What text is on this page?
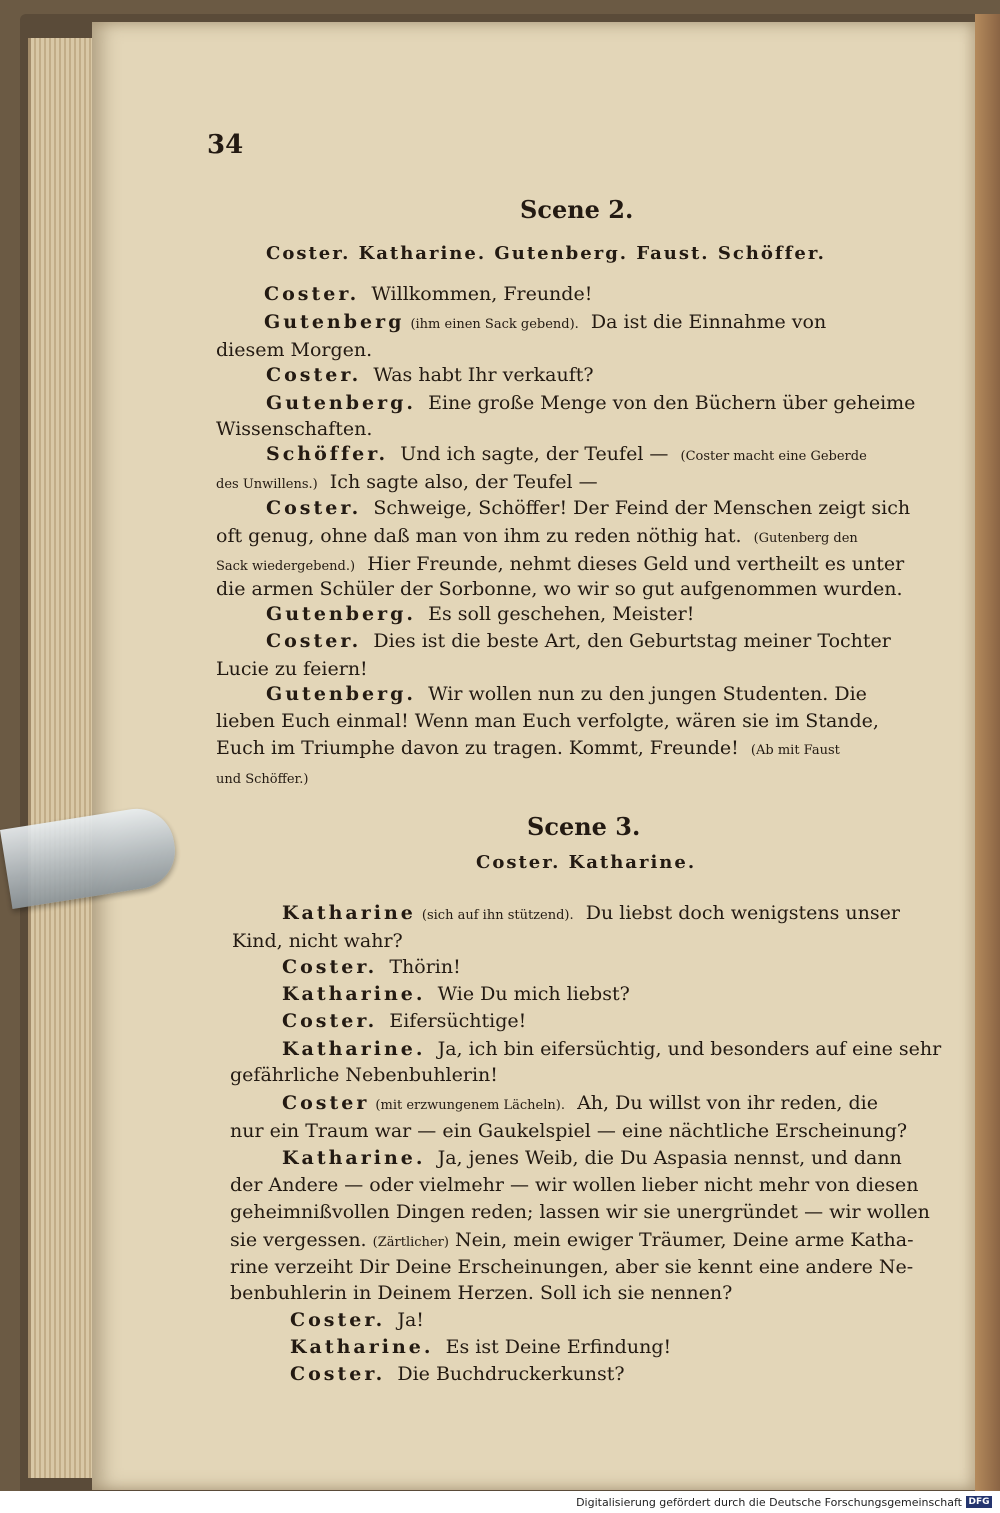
34
Scene 2.
Coster. Katharine. Gutenberg. Faust. Schöffer.
Coster. Willkommen, Freunde!
Gutenberg (ihm einen Sack gebend). Da ist die Einnahme von
diesem Morgen.
Coster. Was habt Ihr verkauft?
Gutenberg. Eine große Menge von den Büchern über geheime
Wissenschaften.
Schöffer. Und ich sagte, der Teufel — (Coster macht eine Geberde
des Unwillens.) Ich sagte also, der Teufel —
Coster. Schweige, Schöffer! Der Feind der Menschen zeigt sich
oft genug, ohne daß man von ihm zu reden nöthig hat. (Gutenberg den
Sack wiedergebend.) Hier Freunde, nehmt dieses Geld und vertheilt es unter
die armen Schüler der Sorbonne, wo wir so gut aufgenommen wurden.
Gutenberg. Es soll geschehen, Meister!
Coster. Dies ist die beste Art, den Geburtstag meiner Tochter
Lucie zu feiern!
Gutenberg. Wir wollen nun zu den jungen Studenten. Die
lieben Euch einmal! Wenn man Euch verfolgte, wären sie im Stande,
Euch im Triumphe davon zu tragen. Kommt, Freunde! (Ab mit Faust
und Schöffer.)
Scene 3.
Coster. Katharine.
Katharine (sich auf ihn stützend). Du liebst doch wenigstens unser
Kind, nicht wahr?
Coster. Thörin!
Katharine. Wie Du mich liebst?
Coster. Eifersüchtige!
Katharine. Ja, ich bin eifersüchtig, und besonders auf eine sehr
gefährliche Nebenbuhlerin!
Coster (mit erzwungenem Lächeln). Ah, Du willst von ihr reden, die
nur ein Traum war — ein Gaukelspiel — eine nächtliche Erscheinung?
Katharine. Ja, jenes Weib, die Du Aspasia nennst, und dann
der Andere — oder vielmehr — wir wollen lieber nicht mehr von diesen
geheimnißvollen Dingen reden; lassen wir sie unergründet — wir wollen
sie vergessen. (Zärtlicher) Nein, mein ewiger Träumer, Deine arme Katha-
rine verzeiht Dir Deine Erscheinungen, aber sie kennt eine andere Ne-
benbuhlerin in Deinem Herzen. Soll ich sie nennen?
Coster. Ja!
Katharine. Es ist Deine Erfindung!
Coster. Die Buchdruckerkunst?
Digitalisierung gefördert durch die Deutsche Forschungsgemeinschaft DFG
